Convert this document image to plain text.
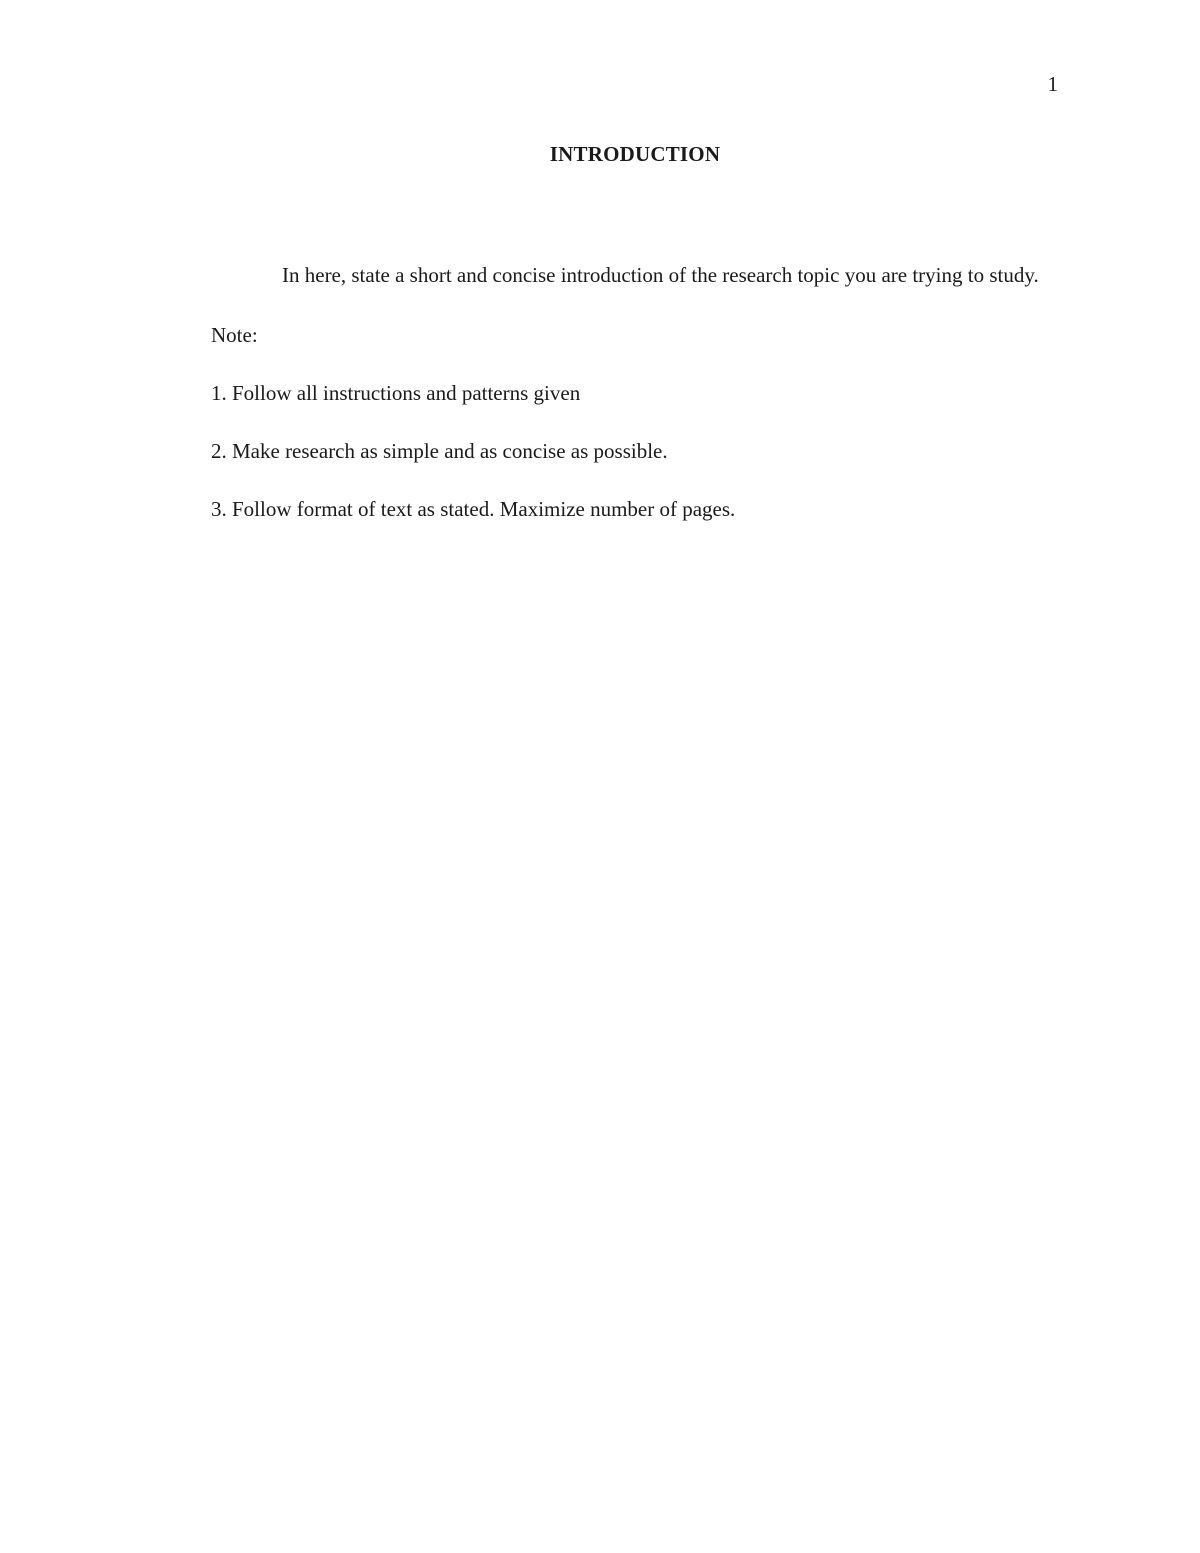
1
INTRODUCTION

In here, state a short and concise introduction of the research topic you are trying to study.

Note:

1. Follow all instructions and patterns given

2. Make research as simple and as concise as possible.

3. Follow format of text as stated. Maximize number of pages.
